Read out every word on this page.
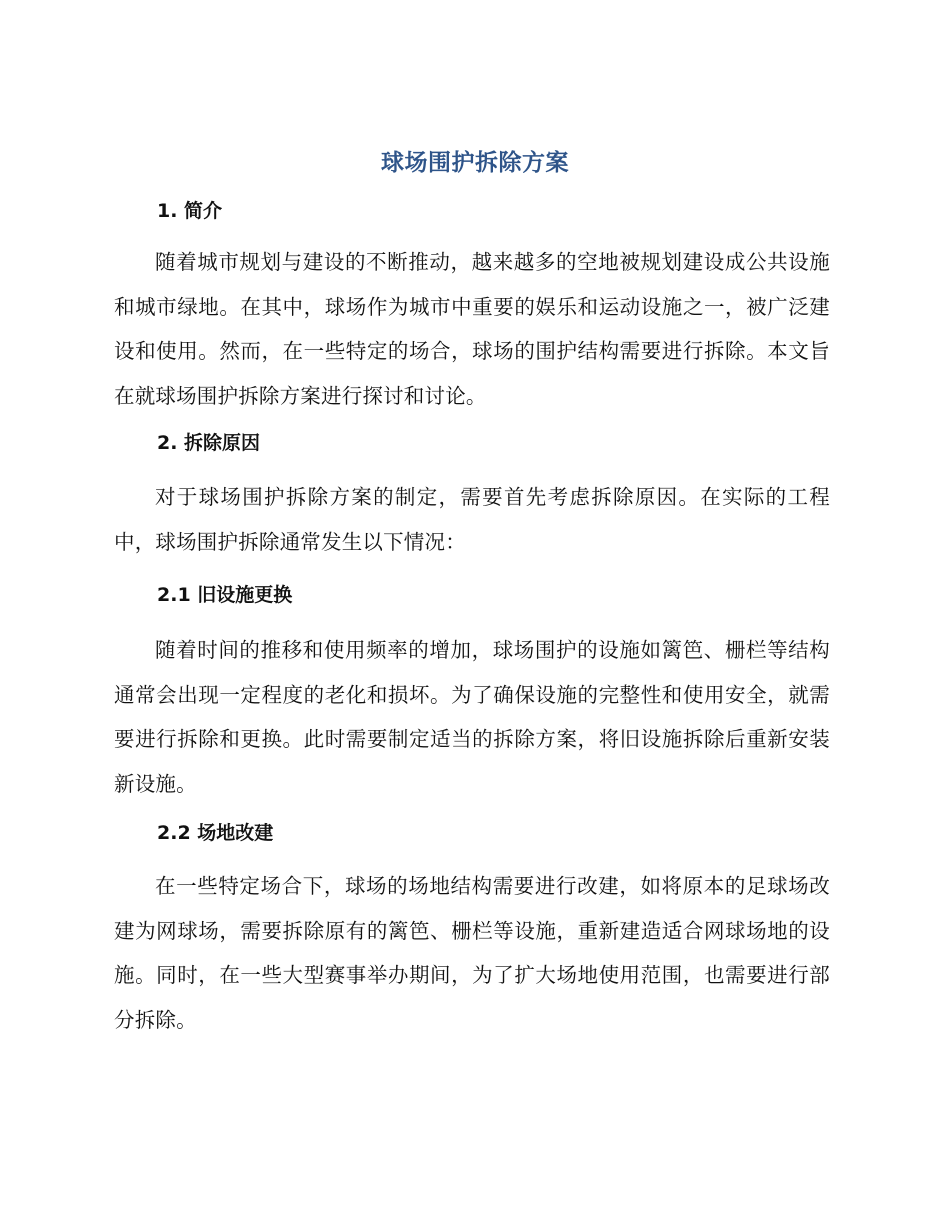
球场围护拆除方案
1. 简介

随着城市规划与建设的不断推动，越来越多的空地被规划建设成公共设施和城市绿地。在其中，球场作为城市中重要的娱乐和运动设施之一，被广泛建设和使用。然而，在一些特定的场合，球场的围护结构需要进行拆除。本文旨在就球场围护拆除方案进行探讨和讨论。

2. 拆除原因

对于球场围护拆除方案的制定，需要首先考虑拆除原因。在实际的工程中，球场围护拆除通常发生以下情况：

2.1 旧设施更换

随着时间的推移和使用频率的增加，球场围护的设施如篱笆、栅栏等结构通常会出现一定程度的老化和损坏。为了确保设施的完整性和使用安全，就需要进行拆除和更换。此时需要制定适当的拆除方案，将旧设施拆除后重新安装新设施。

2.2 场地改建

在一些特定场合下，球场的场地结构需要进行改建，如将原本的足球场改建为网球场，需要拆除原有的篱笆、栅栏等设施，重新建造适合网球场地的设施。同时，在一些大型赛事举办期间，为了扩大场地使用范围，也需要进行部分拆除。
